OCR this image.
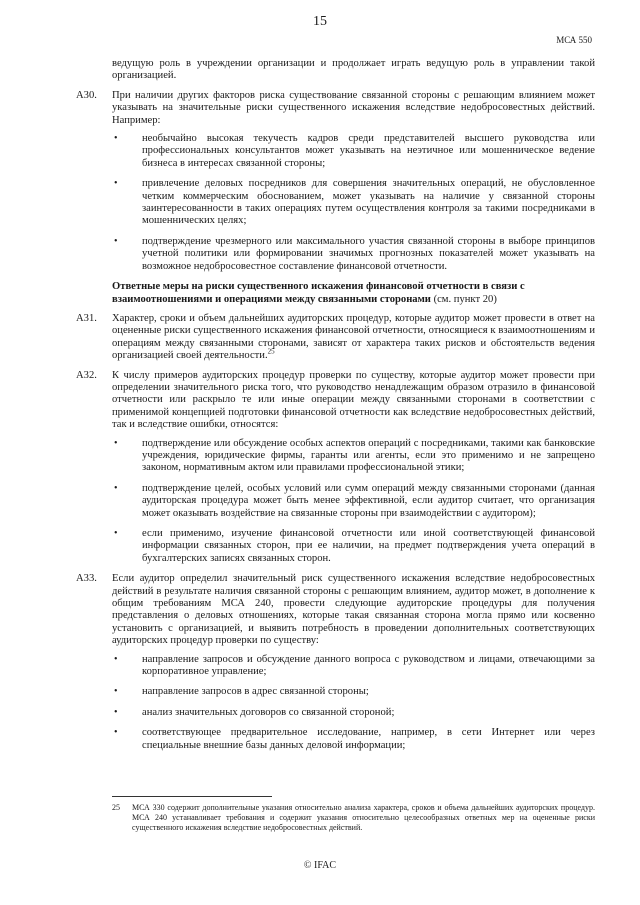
15
МСА 550

ведущую роль в учреждении организации и продолжает играть ведущую роль в управлении такой организацией.

A30. При наличии других факторов риска существование связанной стороны с решающим влиянием может указывать на значительные риски существенного искажения вследствие недобросовестных действий. Например:

• необычайно высокая текучесть кадров среди представителей высшего руководства или профессиональных консультантов может указывать на неэтичное или мошенническое ведение бизнеса в интересах связанной стороны;
• привлечение деловых посредников для совершения значительных операций, не обусловленное четким коммерческим обоснованием, может указывать на наличие у связанной стороны заинтересованности в таких операциях путем осуществления контроля за такими посредниками в мошеннических целях;
• подтверждение чрезмерного или максимального участия связанной стороны в выборе принципов учетной политики или формировании значимых прогнозных показателей может указывать на возможное недобросовестное составление финансовой отчетности.

Ответные меры на риски существенного искажения финансовой отчетности в связи с взаимоотношениями и операциями между связанными сторонами (см. пункт 20)

A31. Характер, сроки и объем дальнейших аудиторских процедур, которые аудитор может провести в ответ на оцененные риски существенного искажения финансовой отчетности, относящиеся к взаимоотношениям и операциям между связанными сторонами, зависят от характера таких рисков и обстоятельств ведения организацией своей деятельности.$^{25}$

A32. К числу примеров аудиторских процедур проверки по существу, которые аудитор может провести при определении значительного риска того, что руководство ненадлежащим образом отразило в финансовой отчетности или раскрыло те или иные операции между связанными сторонами в соответствии с применимой концепцией подготовки финансовой отчетности как вследствие недобросовестных действий, так и вследствие ошибки, относятся:

• подтверждение или обсуждение особых аспектов операций с посредниками, такими как банковские учреждения, юридические фирмы, гаранты или агенты, если это применимо и не запрещено законом, нормативным актом или правилами профессиональной этики;
• подтверждение целей, особых условий или сумм операций между связанными сторонами (данная аудиторская процедура может быть менее эффективной, если аудитор считает, что организация может оказывать воздействие на связанные стороны при взаимодействии с аудитором);
• если применимо, изучение финансовой отчетности или иной соответствующей финансовой информации связанных сторон, при ее наличии, на предмет подтверждения учета операций в бухгалтерских записях связанных сторон.
A33. Если аудитор определил значительный риск существенного искажения вследствие недобросовестных действий в результате наличия связанной стороны с решающим влиянием, аудитор может, в дополнение к общим требованиям МСА 240, провести следующие аудиторские процедуры для получения представления о деловых отношениях, которые такая связанная сторона могла прямо или косвенно установить с организацией, и выявить потребность в проведении дополнительных соответствующих аудиторских процедур проверки по существу:

• направление запросов и обсуждение данного вопроса с руководством и лицами, отвечающими за корпоративное управление;
• направление запросов в адрес связанной стороны;
• анализ значительных договоров со связанной стороной;
• соответствующее предварительное исследование, например, в сети Интернет или через специальные внешние базы данных деловой информации;
25 МСА 330 содержит дополнительные указания относительно анализа характера, сроков и объема дальнейших аудиторских процедур. МСА 240 устанавливает требования и содержит указания относительно целесообразных ответных мер на оцененные риски существенного искажения вследствие недобросовестных действий.
© IFAC
